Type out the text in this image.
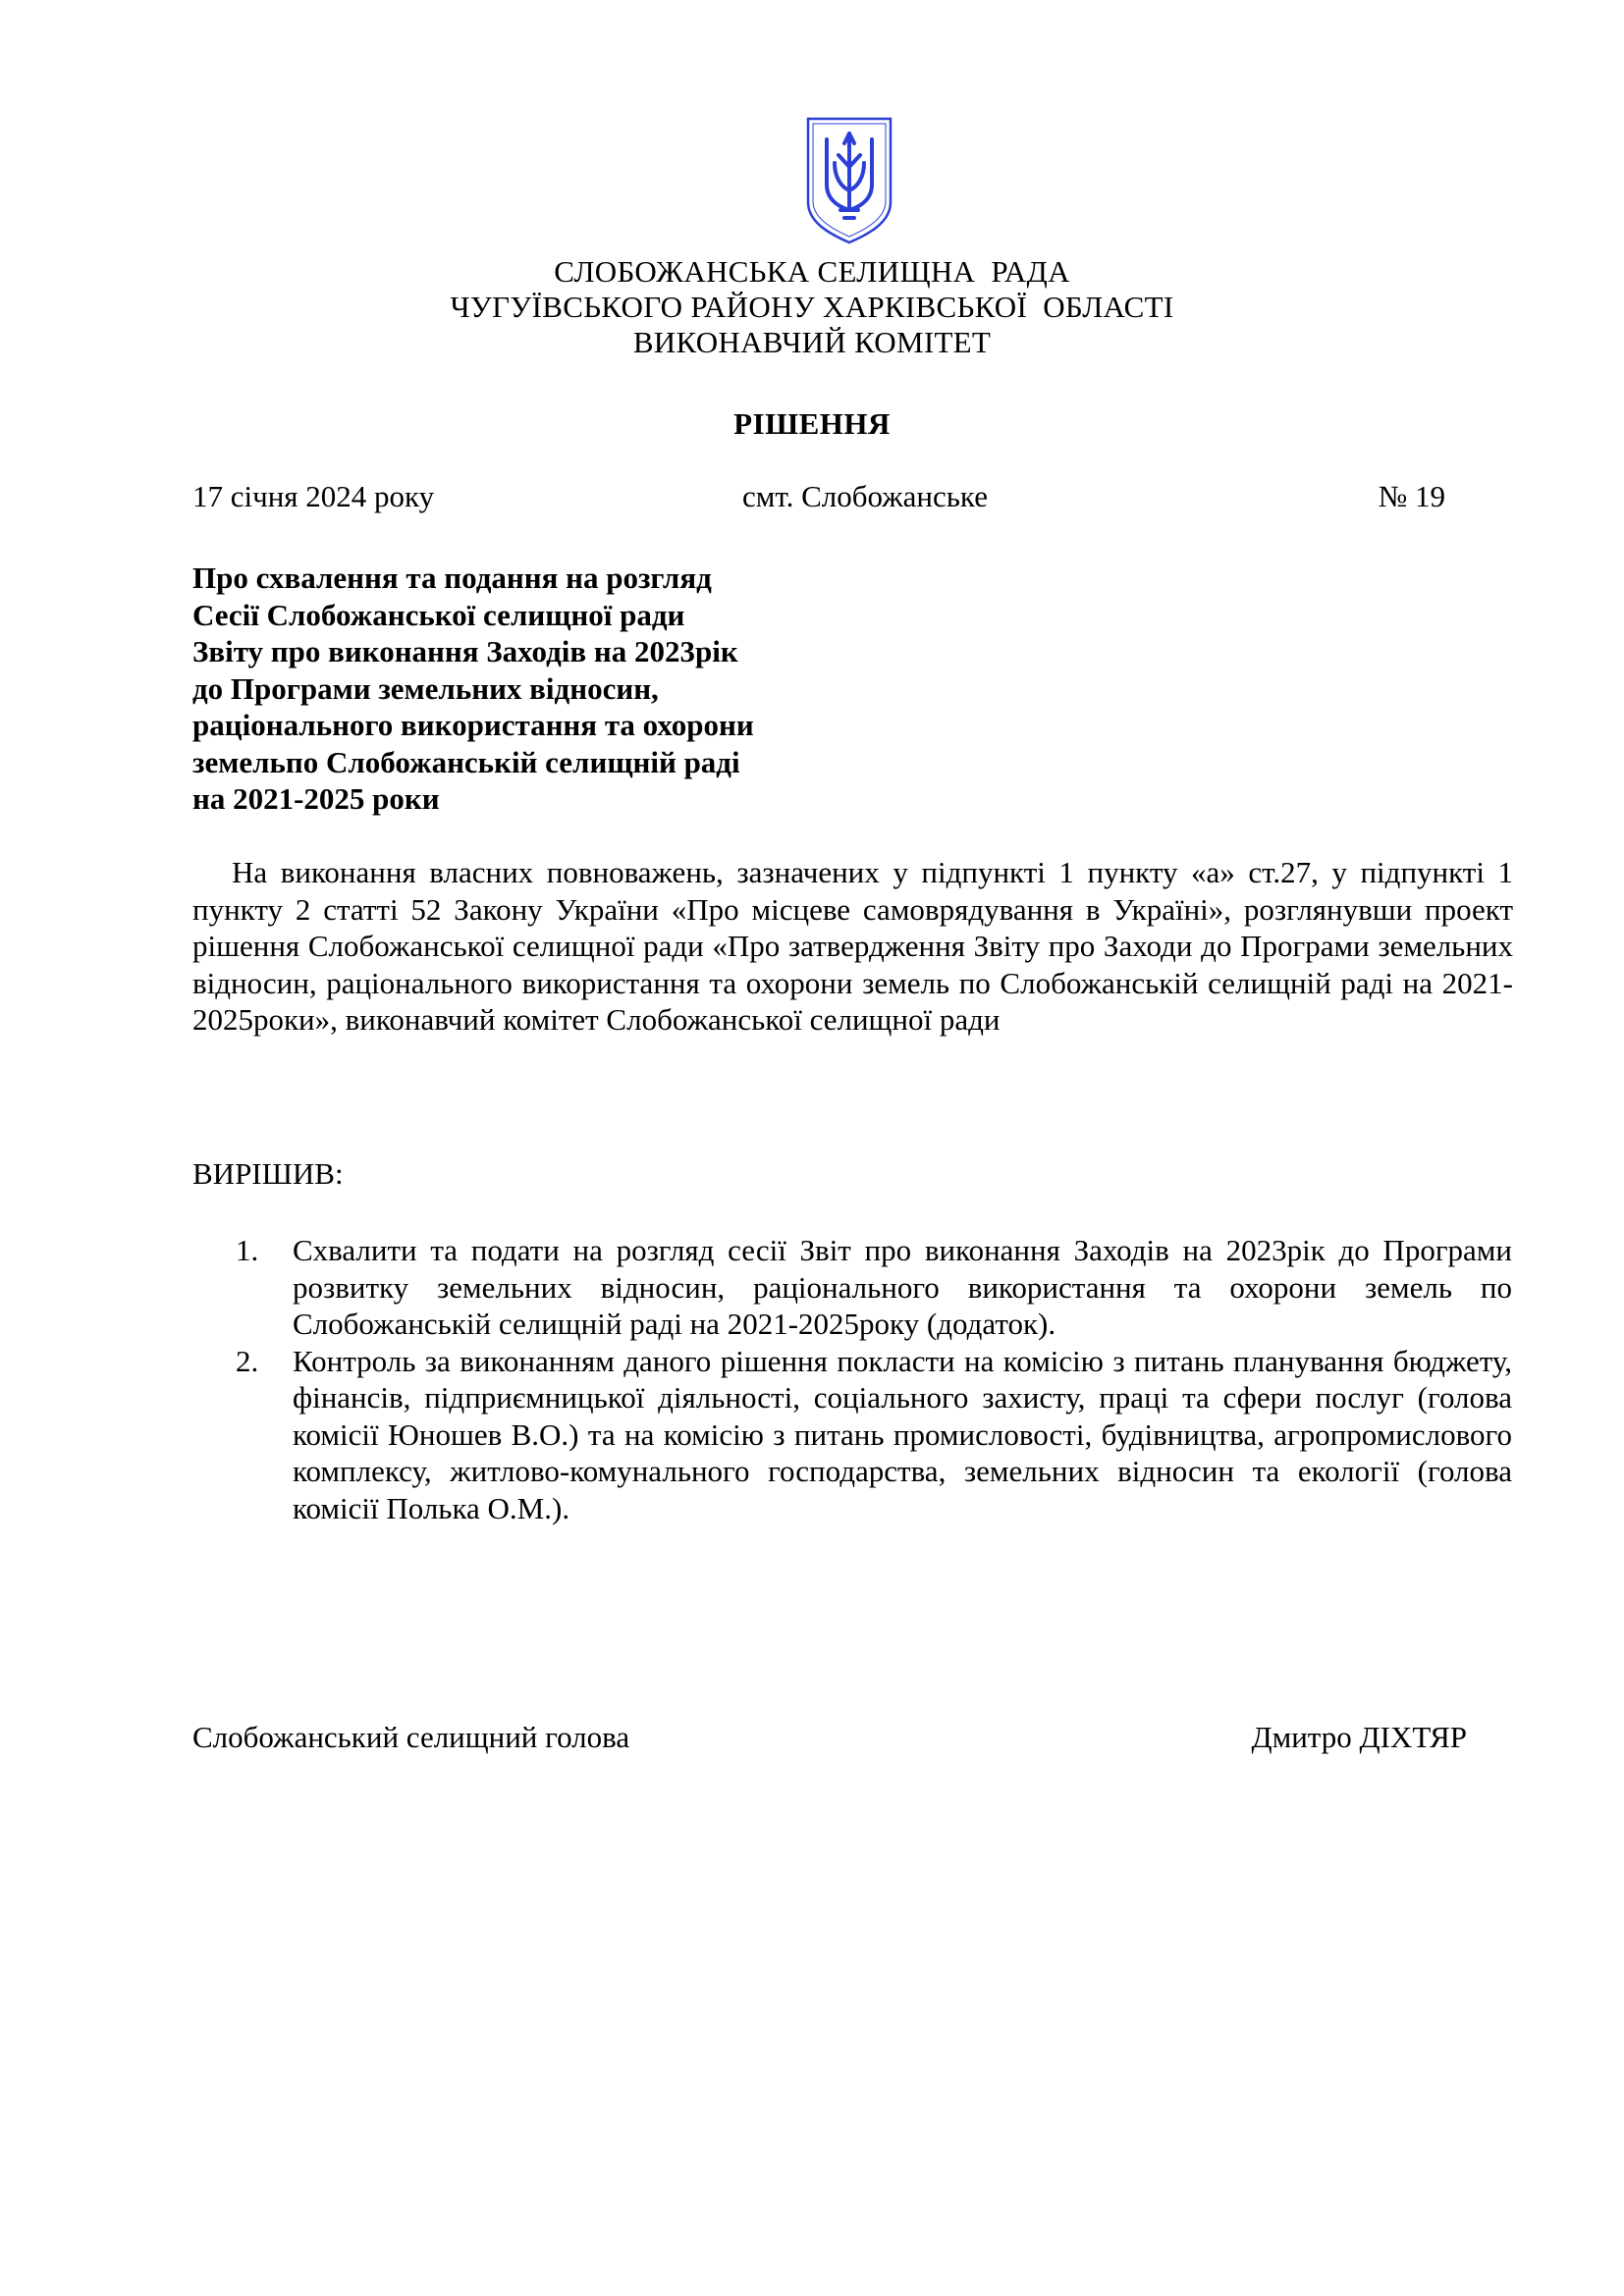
СЛОБОЖАНСЬКА СЕЛИЩНА  РАДА
ЧУГУЇВСЬКОГО РАЙОНУ ХАРКІВСЬКОЇ  ОБЛАСТІ
ВИКОНАВЧИЙ КОМІТЕТ
РІШЕННЯ
17 січня 2024 року	смт. Слобожанське	№ 19
Про схвалення та подання на розгляд
Сесії Слобожанської селищної ради
Звіту про виконання Заходів на 2023рік
до Програми земельних відносин,
раціонального використання та охорони
земельпо Слобожанській селищній раді
на 2021-2025 роки
На виконання власних повноважень, зазначених у підпункті 1 пункту «а» ст.27, у підпункті 1 пункту 2 статті 52 Закону України «Про місцеве самоврядування в Україні», розглянувши проект рішення Слобожанської селищної ради «Про затвердження Звіту про Заходи до Програми земельних відносин, раціонального використання та охорони земель по Слобожанській селищній раді на 2021-2025роки», виконавчий комітет Слобожанської селищної ради
ВИРІШИВ:
1. Схвалити та подати на розгляд сесії Звіт про виконання Заходів на 2023рік до Програми розвитку земельних відносин, раціонального використання та охорони земель по Слобожанській селищній раді на 2021-2025року (додаток).
2. Контроль за виконанням даного рішення покласти на комісію з питань планування бюджету, фінансів, підприємницької діяльності, соціального захисту, праці та сфери послуг (голова комісії Юношев В.О.) та на комісію з питань промисловості, будівництва, агропромислового комплексу, житлово-комунального господарства, земельних відносин та екології (голова комісії Полька О.М.).
Слобожанський селищний голова	Дмитро ДІХТЯР
